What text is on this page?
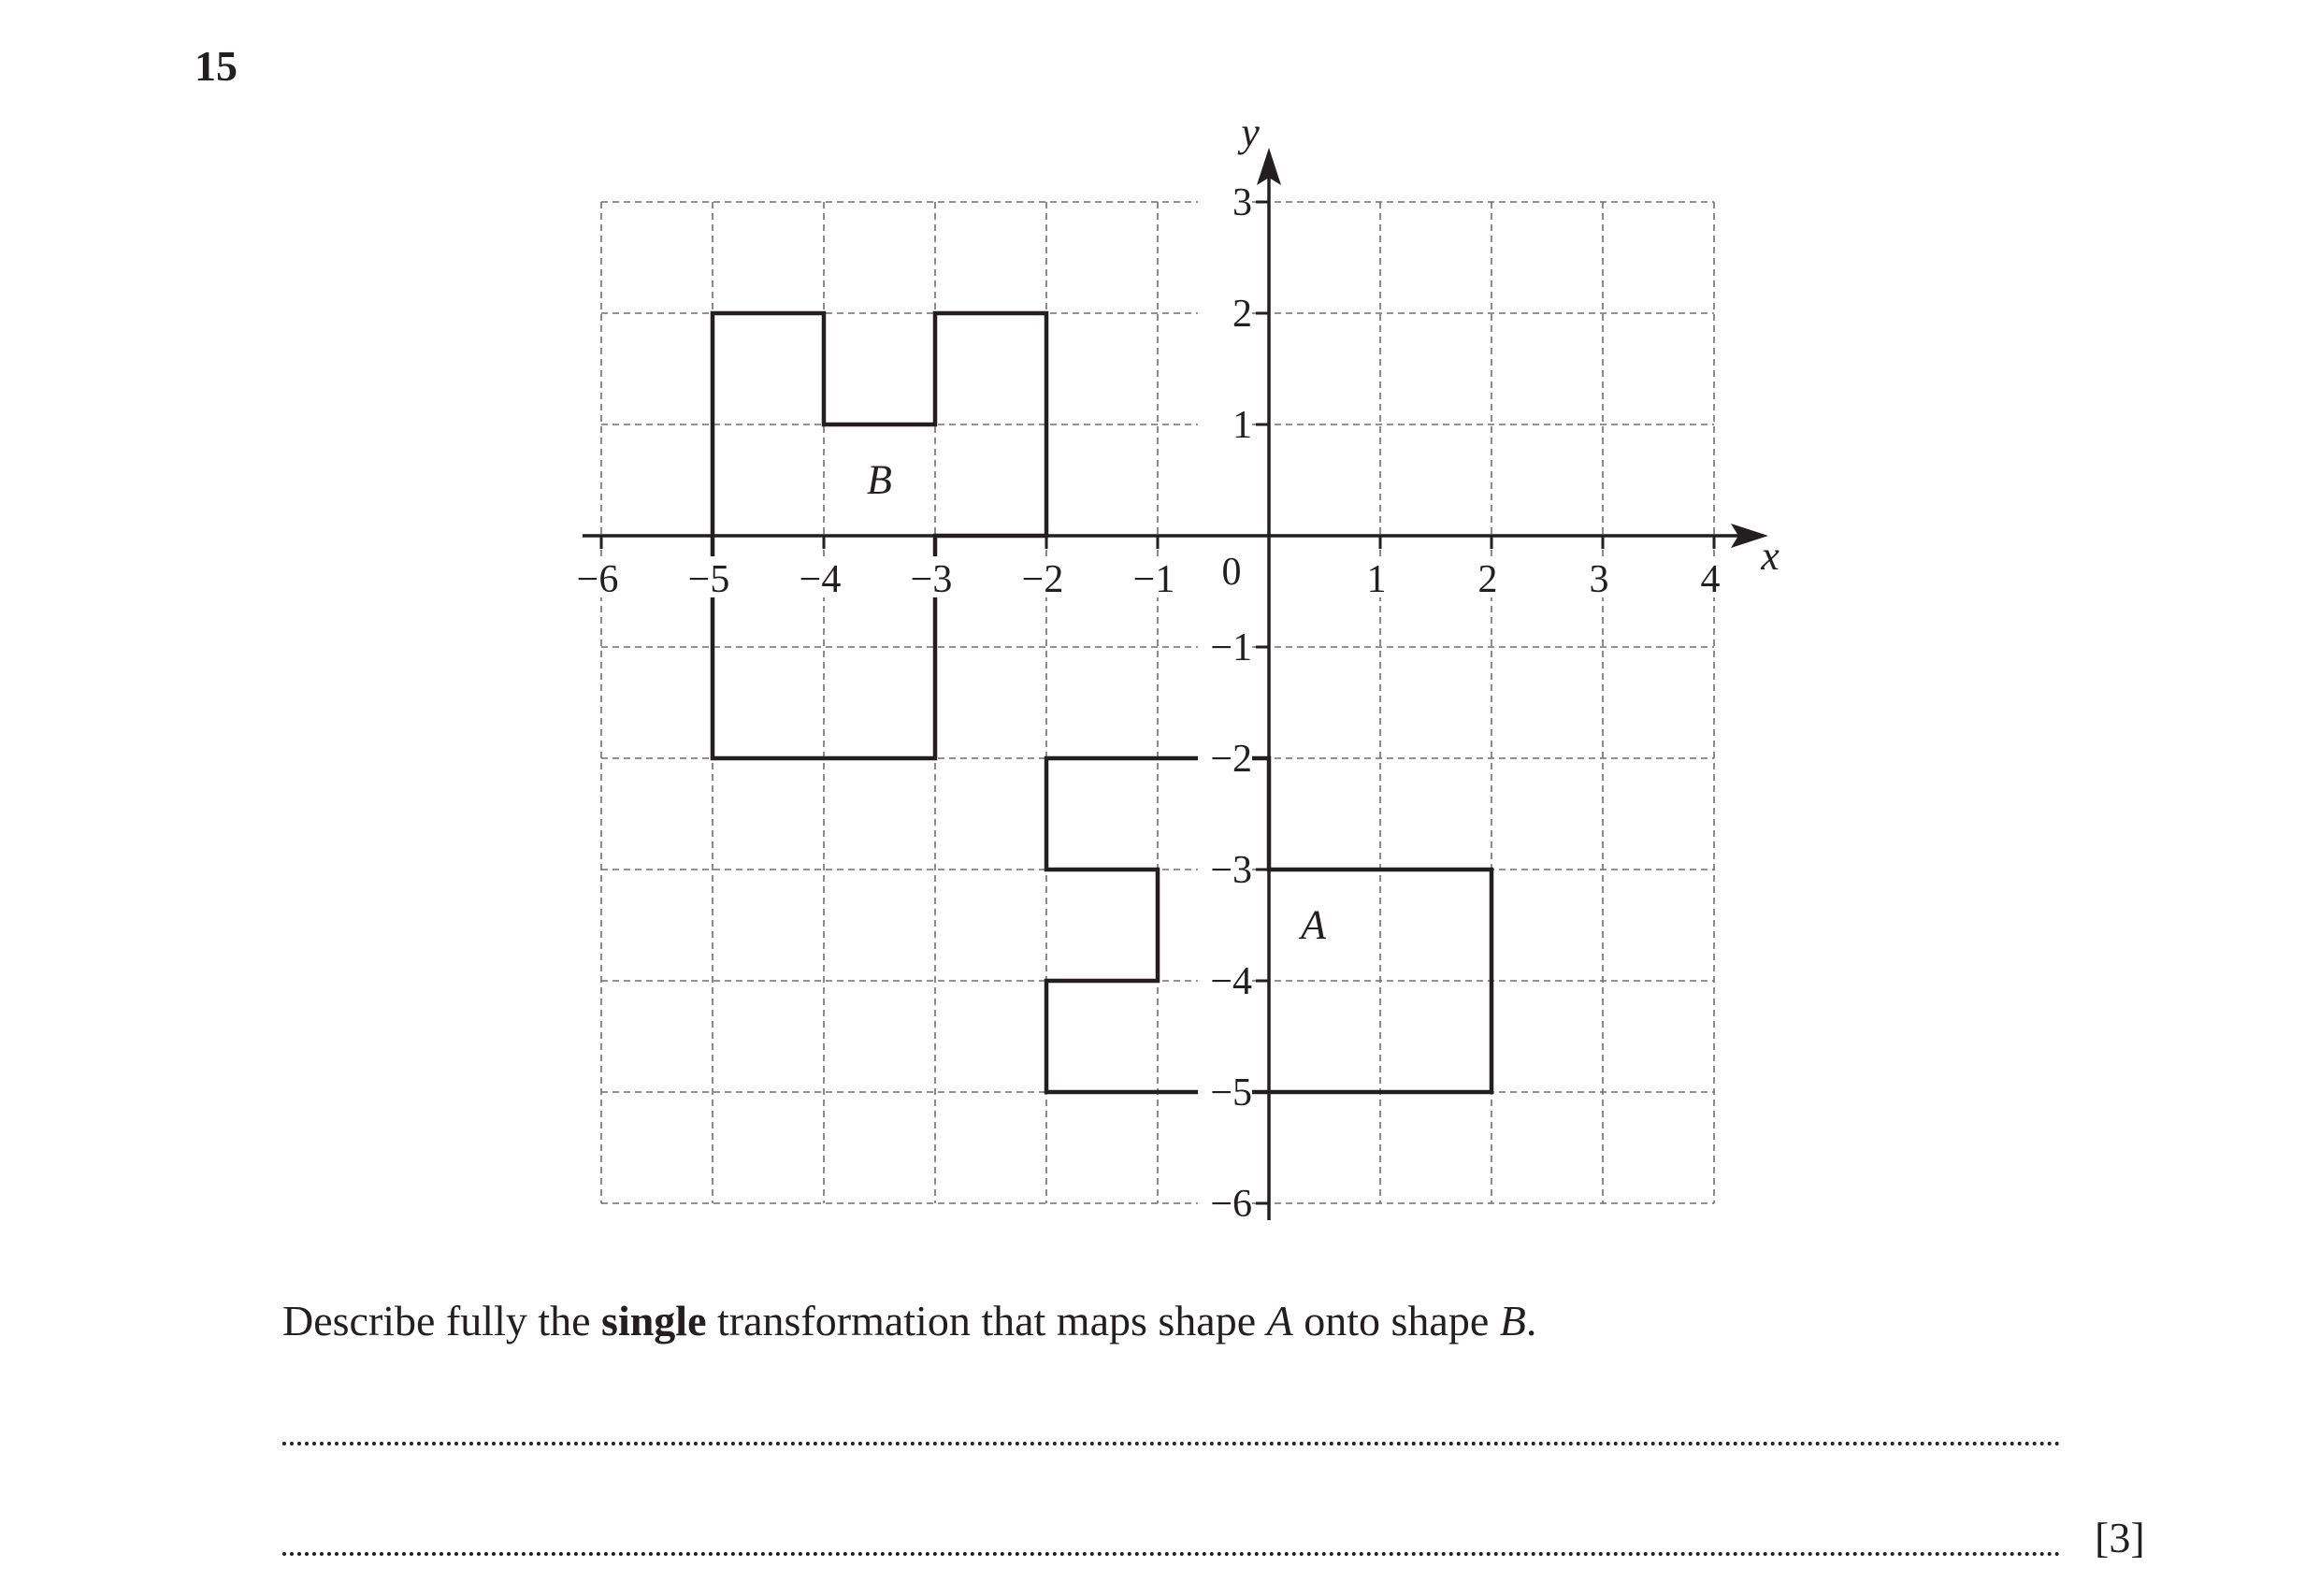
15
−6 −5 −4 −3 −2 −1	1 2 3 4
3
2
1
−1
−2
−3
−4
−5
−6
0	x
y
A
B
Describe fully the single transformation that maps shape A onto shape B.
[3]
